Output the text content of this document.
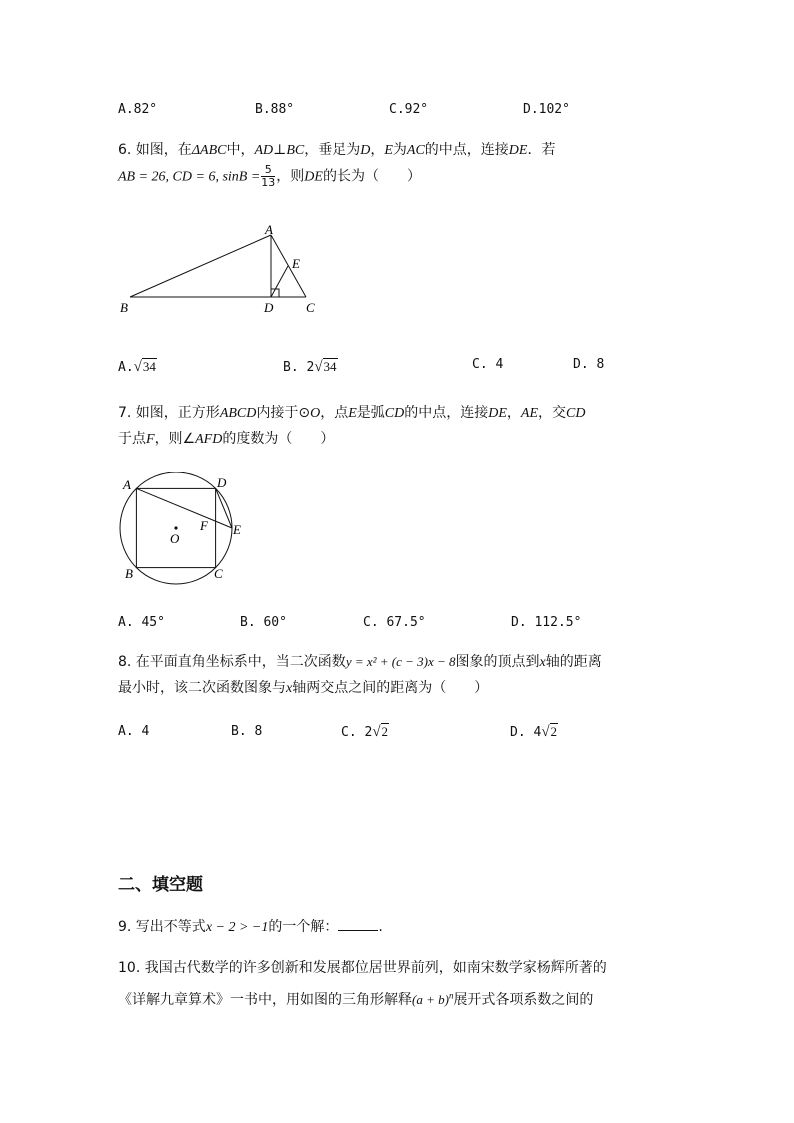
A.82°	B.88°	C.92°	D.102°
6. 如图，在ΔABC中，AD⊥BC，垂足为D，E为AC的中点，连接DE．若
AB = 26, CD = 6, $\sin B = \frac{5}{13}$ ，则DE的长为（　　）
A
B	C
D
E
A.√34	B. 2√34	C. 4	D. 8
7. 如图，正方形ABCD内接于⊙O，点E是弧CD的中点，连接DE，AE，交CD
于点F，则∠AFD的度数为（　　）
A	D
B	C
E
F
O
A. 45°	B. 60°	C. 67.5°	D. 112.5°
8. 在平面直角坐标系中，当二次函数y = x² + (c − 3)x − 8图象的顶点到x轴的距离
最小时，该二次函数图象与x轴两交点之间的距离为（　　）
A. 4	B. 8	C. 2√2	D. 4√2
二、填空题
9. 写出不等式x − 2 > −1的一个解：	.
10. 我国古代数学的许多创新和发展都位居世界前列，如南宋数学家杨辉所著的
《详解九章算术》一书中，用如图的三角形解释$(a + b)^n$展开式各项系数之间的
